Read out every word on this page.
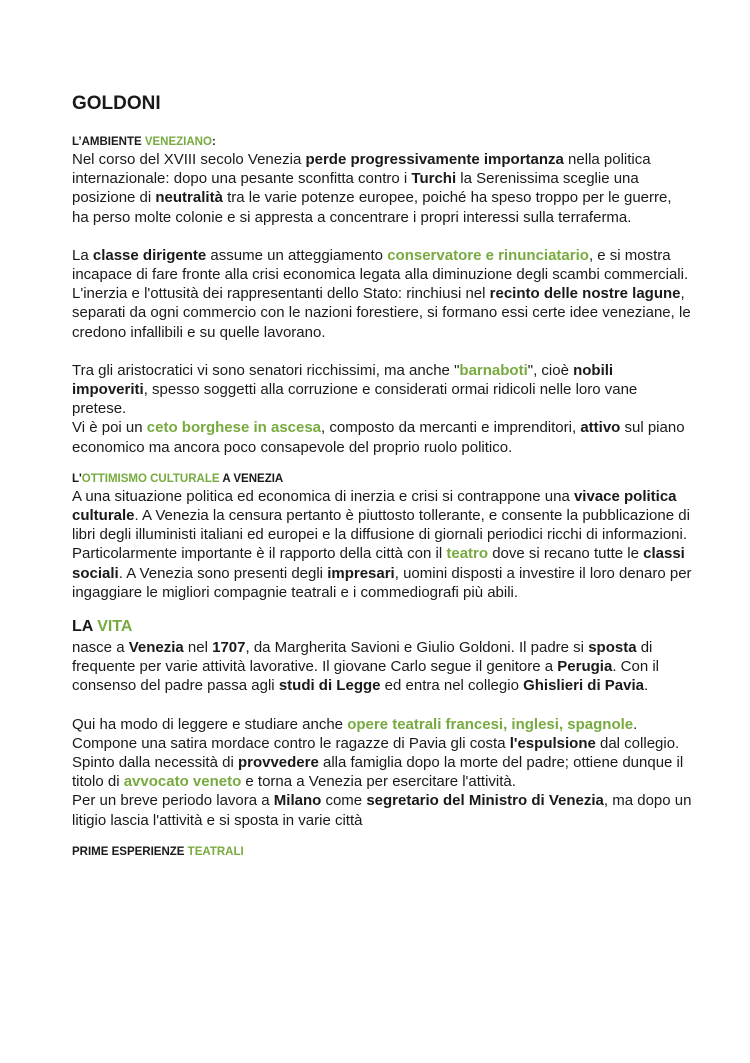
GOLDONI
L’AMBIENTE VENEZIANO:

Nel corso del XVIII secolo Venezia perde progressivamente importanza nella politica internazionale: dopo una pesante sconfitta contro i Turchi la Serenissima sceglie una posizione di neutralità tra le varie potenze europee, poiché ha speso troppo per le guerre, ha perso molte colonie e si appresta a concentrare i propri interessi sulla terraferma.

La classe dirigente assume un atteggiamento conservatore e rinunciatario, e si mostra incapace di fare fronte alla crisi economica legata alla diminuzione degli scambi commerciali.

L'inerzia e l'ottusità dei rappresentanti dello Stato: rinchiusi nel recinto delle nostre lagune, separati da ogni commercio con le nazioni forestiere, si formano essi certe idee veneziane, le credono infallibili e su quelle lavorano.

Tra gli aristocratici vi sono senatori ricchissimi, ma anche "barnaboti", cioè nobili impoveriti, spesso soggetti alla corruzione e considerati ormai ridicoli nelle loro vane pretese.

Vi è poi un ceto borghese in ascesa, composto da mercanti e imprenditori, attivo sul piano economico ma ancora poco consapevole del proprio ruolo politico.

L'OTTIMISMO CULTURALE A VENEZIA

A una situazione politica ed economica di inerzia e crisi si contrappone una vivace politica culturale. A Venezia la censura pertanto è piuttosto tollerante, e consente la pubblicazione di libri degli illuministi italiani ed europei e la diffusione di giornali periodici ricchi di informazioni.

Particolarmente importante è il rapporto della città con il teatro dove si recano tutte le classi sociali. A Venezia sono presenti degli impresari, uomini disposti a investire il loro denaro per ingaggiare le migliori compagnie teatrali e i commediografi più abili.

LA VITA

nasce a Venezia nel 1707, da Margherita Savioni e Giulio Goldoni. Il padre si sposta di frequente per varie attività lavorative. Il giovane Carlo segue il genitore a Perugia. Con il consenso del padre passa agli studi di Legge ed entra nel collegio Ghislieri di Pavia.

Qui ha modo di leggere e studiare anche opere teatrali francesi, inglesi, spagnole. Compone una satira mordace contro le ragazze di Pavia gli costa l'espulsione dal collegio.

Spinto dalla necessità di provvedere alla famiglia dopo la morte del padre; ottiene dunque il titolo di avvocato veneto e torna a Venezia per esercitare l'attività.

Per un breve periodo lavora a Milano come segretario del Ministro di Venezia, ma dopo un litigio lascia l'attività e si sposta in varie città

PRIME ESPERIENZE TEATRALI
